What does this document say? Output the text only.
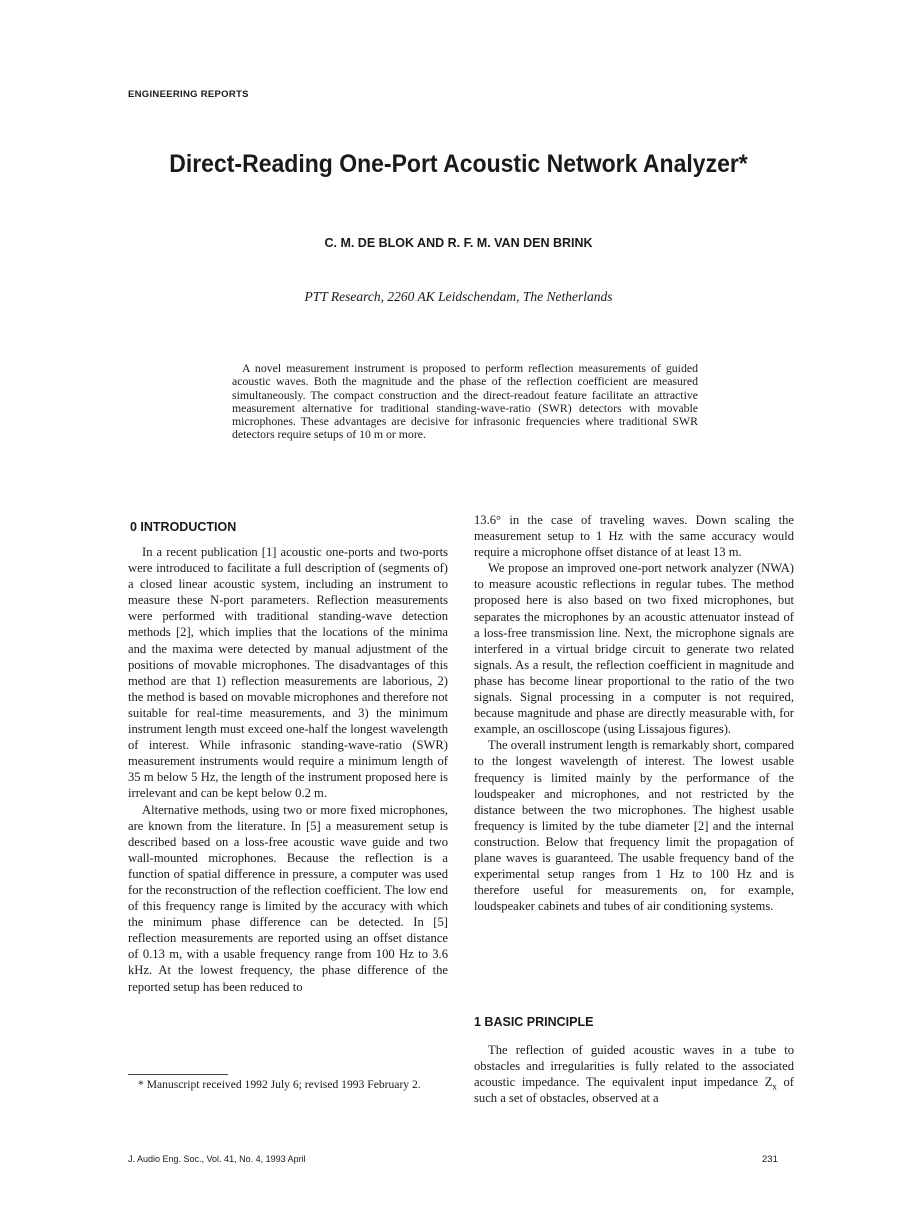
ENGINEERING REPORTS
Direct-Reading One-Port Acoustic Network Analyzer*
C. M. DE BLOK AND R. F. M. VAN DEN BRINK
PTT Research, 2260 AK Leidschendam, The Netherlands

A novel measurement instrument is proposed to perform reflection measurements of guided acoustic waves. Both the magnitude and the phase of the reflection coefficient are measured simultaneously. The compact construction and the direct-readout feature facilitate an attractive measurement alternative for traditional standing-wave-ratio (SWR) detectors with movable microphones. These advantages are decisive for infrasonic frequencies where traditional SWR detectors require setups of 10 m or more.

0 INTRODUCTION

In a recent publication [1] acoustic one-ports and two-ports were introduced to facilitate a full description of (segments of) a closed linear acoustic system, including an instrument to measure these N-port parameters. Reflection measurements were performed with traditional standing-wave detection methods [2], which implies that the locations of the minima and the maxima were detected by manual adjustment of the positions of movable microphones. The disadvantages of this method are that 1) reflection measurements are laborious, 2) the method is based on movable microphones and therefore not suitable for real-time measurements, and 3) the minimum instrument length must exceed one-half the longest wavelength of interest. While infrasonic standing-wave-ratio (SWR) measurement instruments would require a minimum length of 35 m below 5 Hz, the length of the instrument proposed here is irrelevant and can be kept below 0.2 m.

Alternative methods, using two or more fixed microphones, are known from the literature. In [5] a measurement setup is described based on a loss-free acoustic wave guide and two wall-mounted microphones. Because the reflection is a function of spatial difference in pressure, a computer was used for the reconstruction of the reflection coefficient. The low end of this frequency range is limited by the accuracy with which the minimum phase difference can be detected. In [5] reflection measurements are reported using an offset distance of 0.13 m, with a usable frequency range from 100 Hz to 3.6 kHz. At the lowest frequency, the phase difference of the reported setup has been reduced to

13.6° in the case of traveling waves. Down scaling the measurement setup to 1 Hz with the same accuracy would require a microphone offset distance of at least 13 m.

We propose an improved one-port network analyzer (NWA) to measure acoustic reflections in regular tubes. The method proposed here is also based on two fixed microphones, but separates the microphones by an acoustic attenuator instead of a loss-free transmission line. Next, the microphone signals are interfered in a virtual bridge circuit to generate two related signals. As a result, the reflection coefficient in magnitude and phase has become linear proportional to the ratio of the two signals. Signal processing in a computer is not required, because magnitude and phase are directly measurable with, for example, an oscilloscope (using Lissajous figures).

The overall instrument length is remarkably short, compared to the longest wavelength of interest. The lowest usable frequency is limited mainly by the performance of the loudspeaker and microphones, and not restricted by the distance between the two microphones. The highest usable frequency is limited by the tube diameter [2] and the internal construction. Below that frequency limit the propagation of plane waves is guaranteed. The usable frequency band of the experimental setup ranges from 1 Hz to 100 Hz and is therefore useful for measurements on, for example, loudspeaker cabinets and tubes of air conditioning systems.

1 BASIC PRINCIPLE

The reflection of guided acoustic waves in a tube to obstacles and irregularities is fully related to the associated acoustic impedance. The equivalent input impedance $Z_x$ of such a set of obstacles, observed at a

* Manuscript received 1992 July 6; revised 1993 February 2.
J. Audio Eng. Soc., Vol. 41, No. 4, 1993 April	231
